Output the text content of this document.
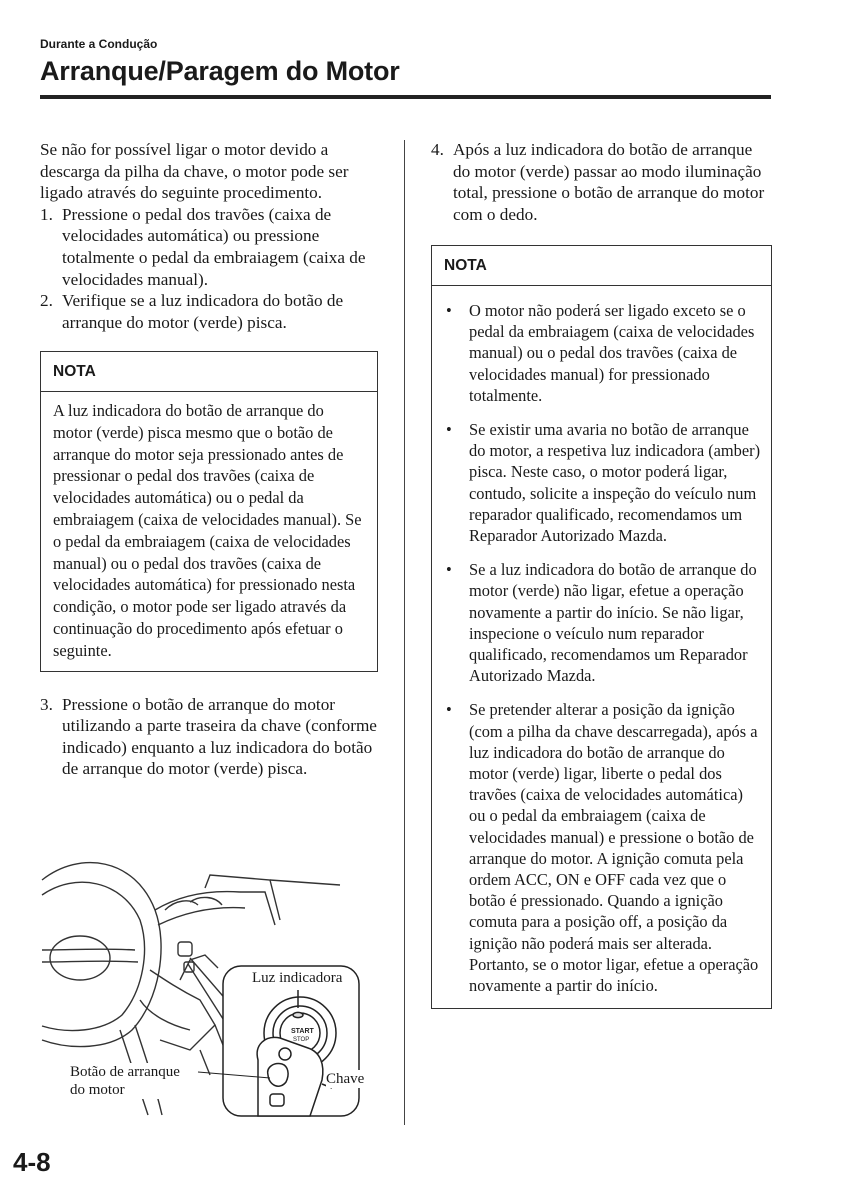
Durante a Condução
Arranque/Paragem do Motor

Se não for possível ligar o motor devido a descarga da pilha da chave, o motor pode ser ligado através do seguinte procedimento.

1. Pressione o pedal dos travões (caixa de velocidades automática) ou pressione totalmente o pedal da embraiagem (caixa de velocidades manual).
2. Verifique se a luz indicadora do botão de arranque do motor (verde) pisca.
NOTA
A luz indicadora do botão de arranque do motor (verde) pisca mesmo que o botão de arranque do motor seja pressionado antes de pressionar o pedal dos travões (caixa de velocidades automática) ou o pedal da embraiagem (caixa de velocidades manual). Se o pedal da embraiagem (caixa de velocidades manual) ou o pedal dos travões (caixa de velocidades automática) for pressionado nesta condição, o motor pode ser ligado através da continuação do procedimento após efetuar o seguinte.
3. Pressione o botão de arranque do motor utilizando a parte traseira da chave (conforme indicado) enquanto a luz indicadora do botão de arranque do motor (verde) pisca.
START
STOP
Luz indicadora
Botão de arranque
do motor
Chave
4. Após a luz indicadora do botão de arranque do motor (verde) passar ao modo iluminação total, pressione o botão de arranque do motor com o dedo.
NOTA
•	O motor não poderá ser ligado exceto se o pedal da embraiagem (caixa de velocidades manual) ou o pedal dos travões (caixa de velocidades manual) for pressionado totalmente.
•	Se existir uma avaria no botão de arranque do motor, a respetiva luz indicadora (amber) pisca. Neste caso, o motor poderá ligar, contudo, solicite a inspeção do veículo num reparador qualificado, recomendamos um Reparador Autorizado Mazda.
•	Se a luz indicadora do botão de arranque do motor (verde) não ligar, efetue a operação novamente a partir do início. Se não ligar, inspecione o veículo num reparador qualificado, recomendamos um Reparador Autorizado Mazda.
•	Se pretender alterar a posição da ignição (com a pilha da chave descarregada), após a luz indicadora do botão de arranque do motor (verde) ligar, liberte o pedal dos travões (caixa de velocidades automática) ou o pedal da embraiagem (caixa de velocidades manual) e pressione o botão de arranque do motor. A ignição comuta pela ordem ACC, ON e OFF cada vez que o botão é pressionado. Quando a ignição comuta para a posição off, a posição da ignição não poderá mais ser alterada. Portanto, se o motor ligar, efetue a operação novamente a partir do início.
4-8
